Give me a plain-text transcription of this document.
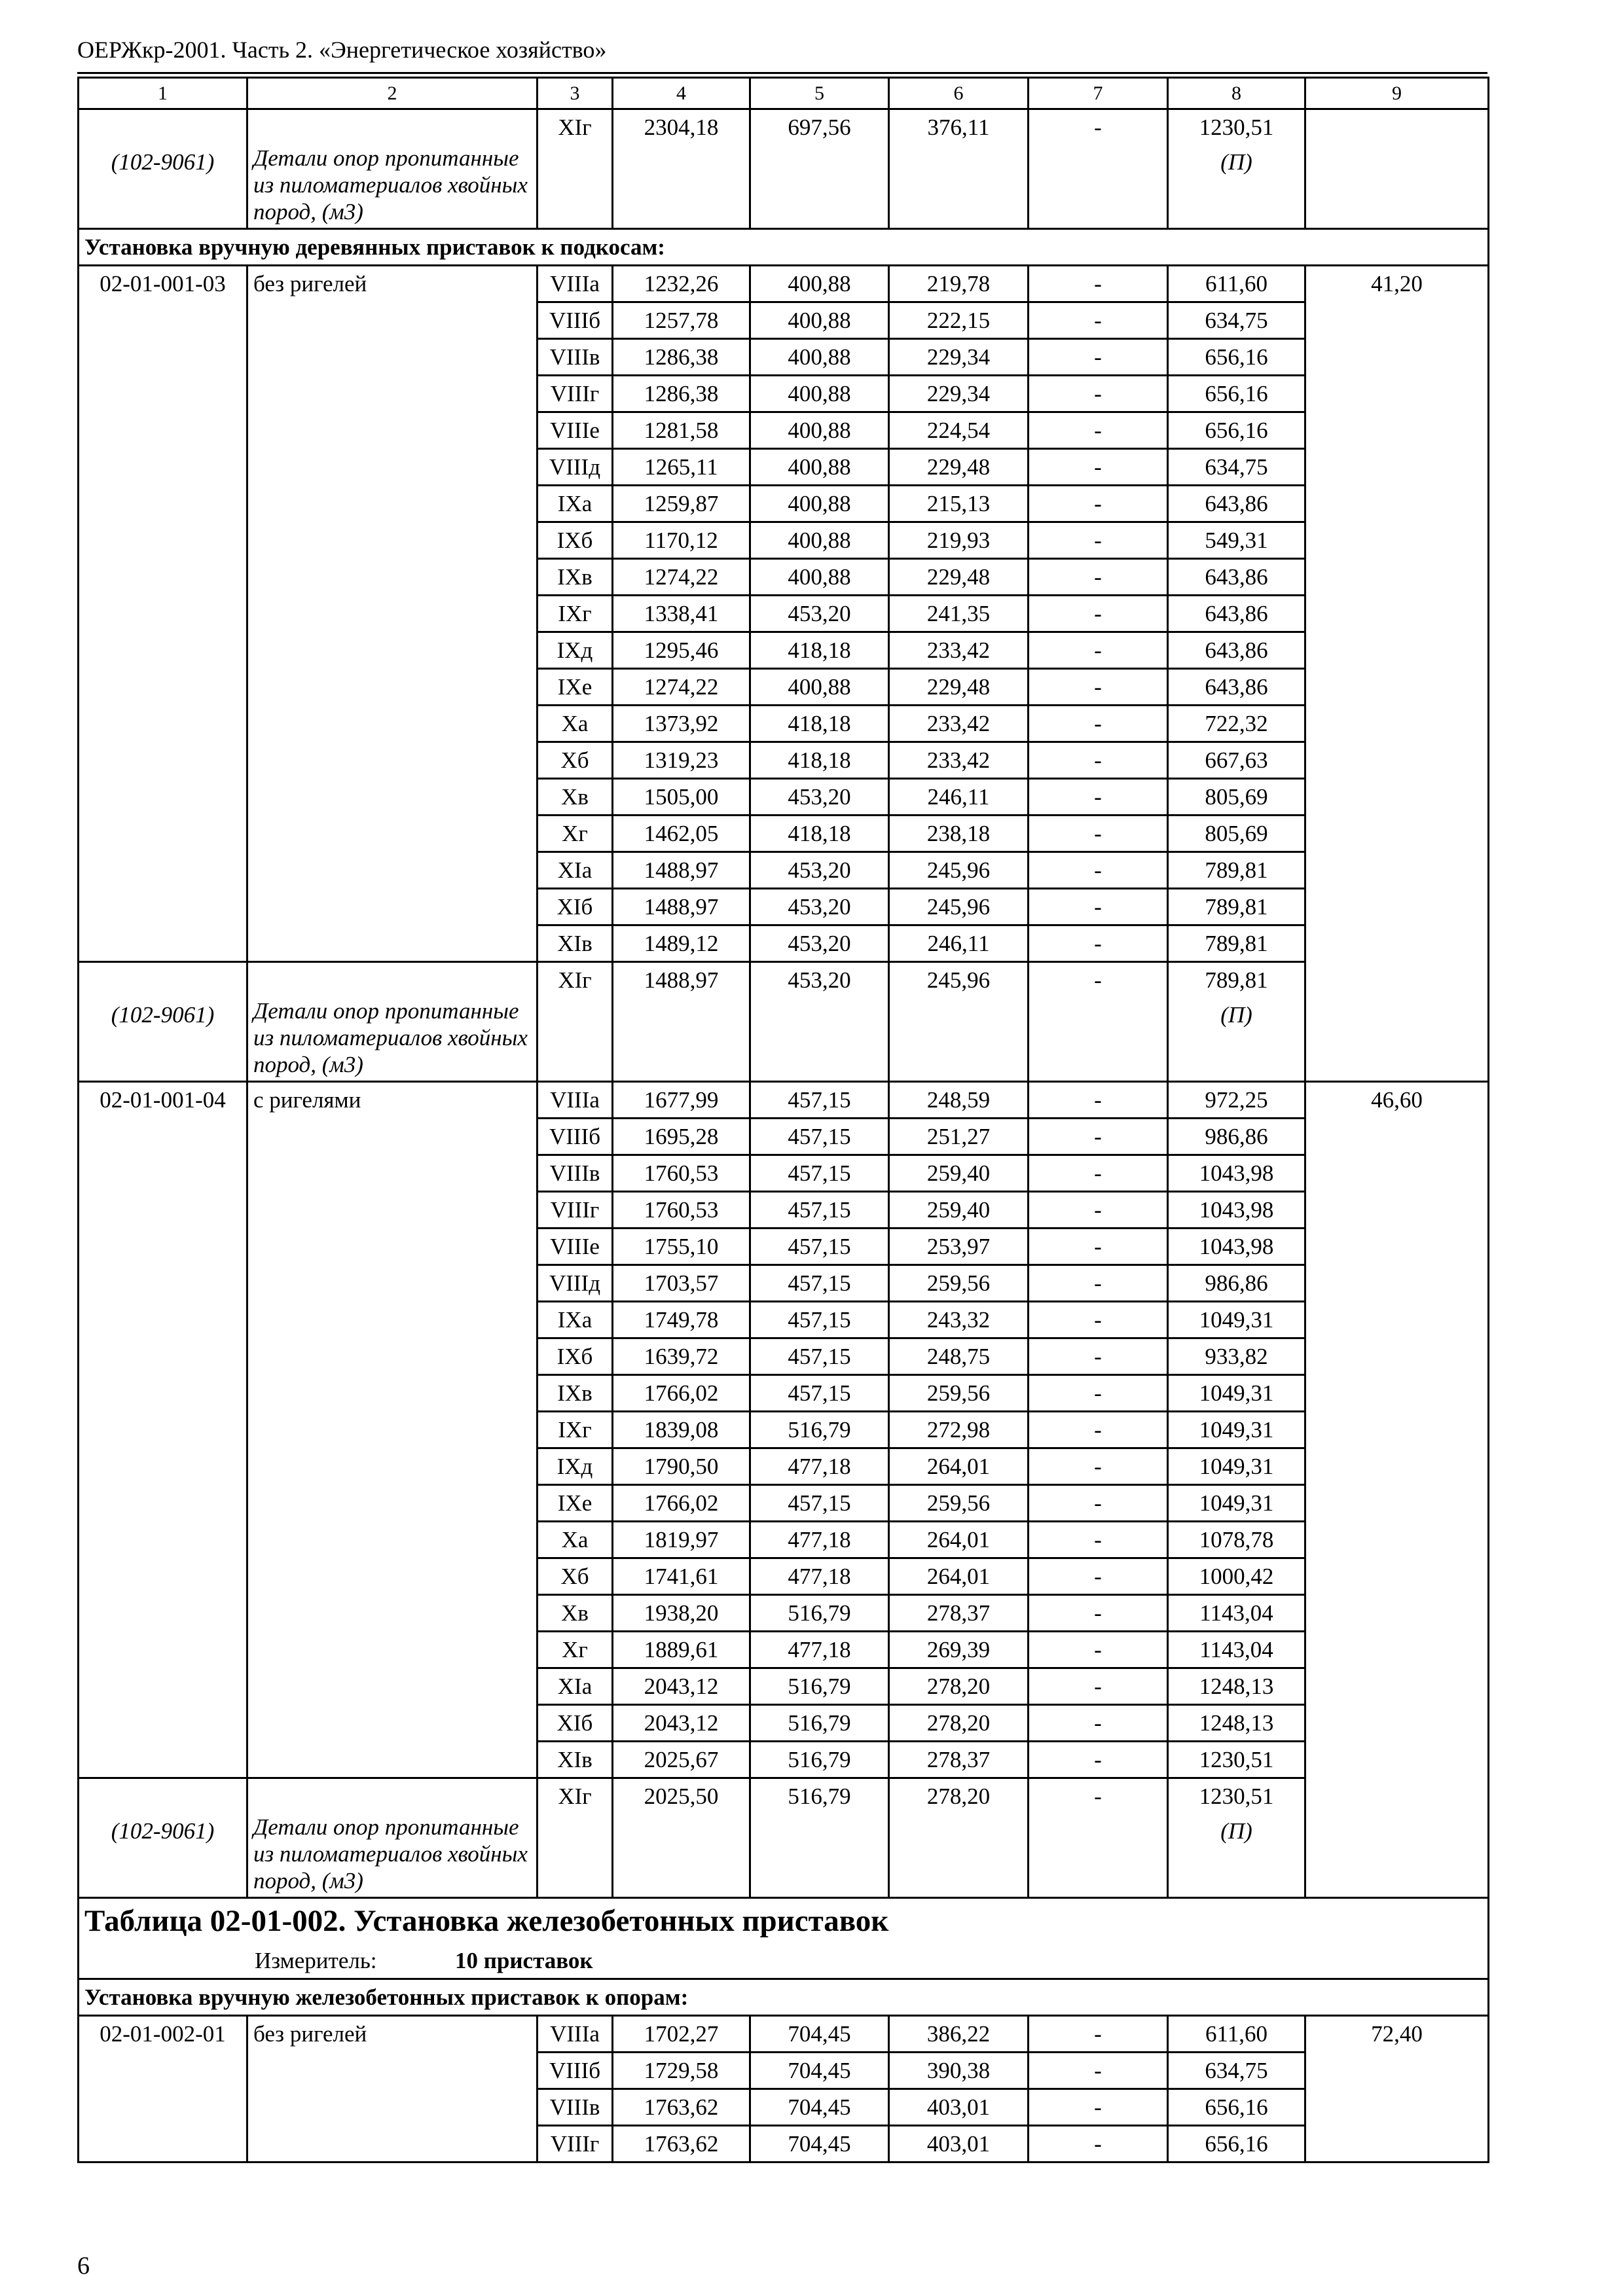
ОЕРЖкр-2001. Часть 2. «Энергетическое хозяйство»
1	2	3	4	5	6	7	8	9

(102-9061)	Детали опор пропитанные из пиломатериалов хвойных пород, (м3)	XIг	2304,18	697,56	376,11	-	1230,51
(П)	

Установка вручную деревянных приставок к подкосам:								
02-01-001-03	без ригелей	VIIIа	1232,26	400,88	219,78	-	611,60	41,20
		VIIIб	1257,78	400,88	222,15	-	634,75	
		VIIIв	1286,38	400,88	229,34	-	656,16	
		VIIIг	1286,38	400,88	229,34	-	656,16	
		VIIIе	1281,58	400,88	224,54	-	656,16	
		VIIIд	1265,11	400,88	229,48	-	634,75	
		IXа	1259,87	400,88	215,13	-	643,86	
		IXб	1170,12	400,88	219,93	-	549,31	
		IXв	1274,22	400,88	229,48	-	643,86	
		IXг	1338,41	453,20	241,35	-	643,86	
		IXд	1295,46	418,18	233,42	-	643,86	
		IXе	1274,22	400,88	229,48	-	643,86	
		Xа	1373,92	418,18	233,42	-	722,32	
		Xб	1319,23	418,18	233,42	-	667,63	
		Xв	1505,00	453,20	246,11	-	805,69	
		Xг	1462,05	418,18	238,18	-	805,69	
		XIа	1488,97	453,20	245,96	-	789,81	
		XIб	1488,97	453,20	245,96	-	789,81	
		XIв	1489,12	453,20	246,11	-	789,81	

(102-9061)	Детали опор пропитанные из пиломатериалов хвойных пород, (м3)	XIг	1488,97	453,20	245,96	-	789,81
(П)	

02-01-001-04	с ригелями	VIIIа	1677,99	457,15	248,59	-	972,25	46,60
		VIIIб	1695,28	457,15	251,27	-	986,86	
		VIIIв	1760,53	457,15	259,40	-	1043,98	
		VIIIг	1760,53	457,15	259,40	-	1043,98	
		VIIIе	1755,10	457,15	253,97	-	1043,98	
		VIIIд	1703,57	457,15	259,56	-	986,86	
		IXа	1749,78	457,15	243,32	-	1049,31	
		IXб	1639,72	457,15	248,75	-	933,82	
		IXв	1766,02	457,15	259,56	-	1049,31	
		IXг	1839,08	516,79	272,98	-	1049,31	
		IXд	1790,50	477,18	264,01	-	1049,31	
		IXе	1766,02	457,15	259,56	-	1049,31	
		Xа	1819,97	477,18	264,01	-	1078,78	
		Xб	1741,61	477,18	264,01	-	1000,42	
		Xв	1938,20	516,79	278,37	-	1143,04	
		Xг	1889,61	477,18	269,39	-	1143,04	
		XIа	2043,12	516,79	278,20	-	1248,13	
		XIб	2043,12	516,79	278,20	-	1248,13	
		XIв	2025,67	516,79	278,37	-	1230,51	

(102-9061)	Детали опор пропитанные из пиломатериалов хвойных пород, (м3)	XIг	2025,50	516,79	278,20	-	1230,51
(П)	

Таблица 02-01-002. Установка железобетонных приставок								
Измеритель: 10 приставок								
Установка вручную железобетонных приставок к опорам:								
02-01-002-01	без ригелей	VIIIа	1702,27	704,45	386,22	-	611,60	72,40
		VIIIб	1729,58	704,45	390,38	-	634,75	
		VIIIв	1763,62	704,45	403,01	-	656,16	
		VIIIг	1763,62	704,45	403,01	-	656,16	
6
